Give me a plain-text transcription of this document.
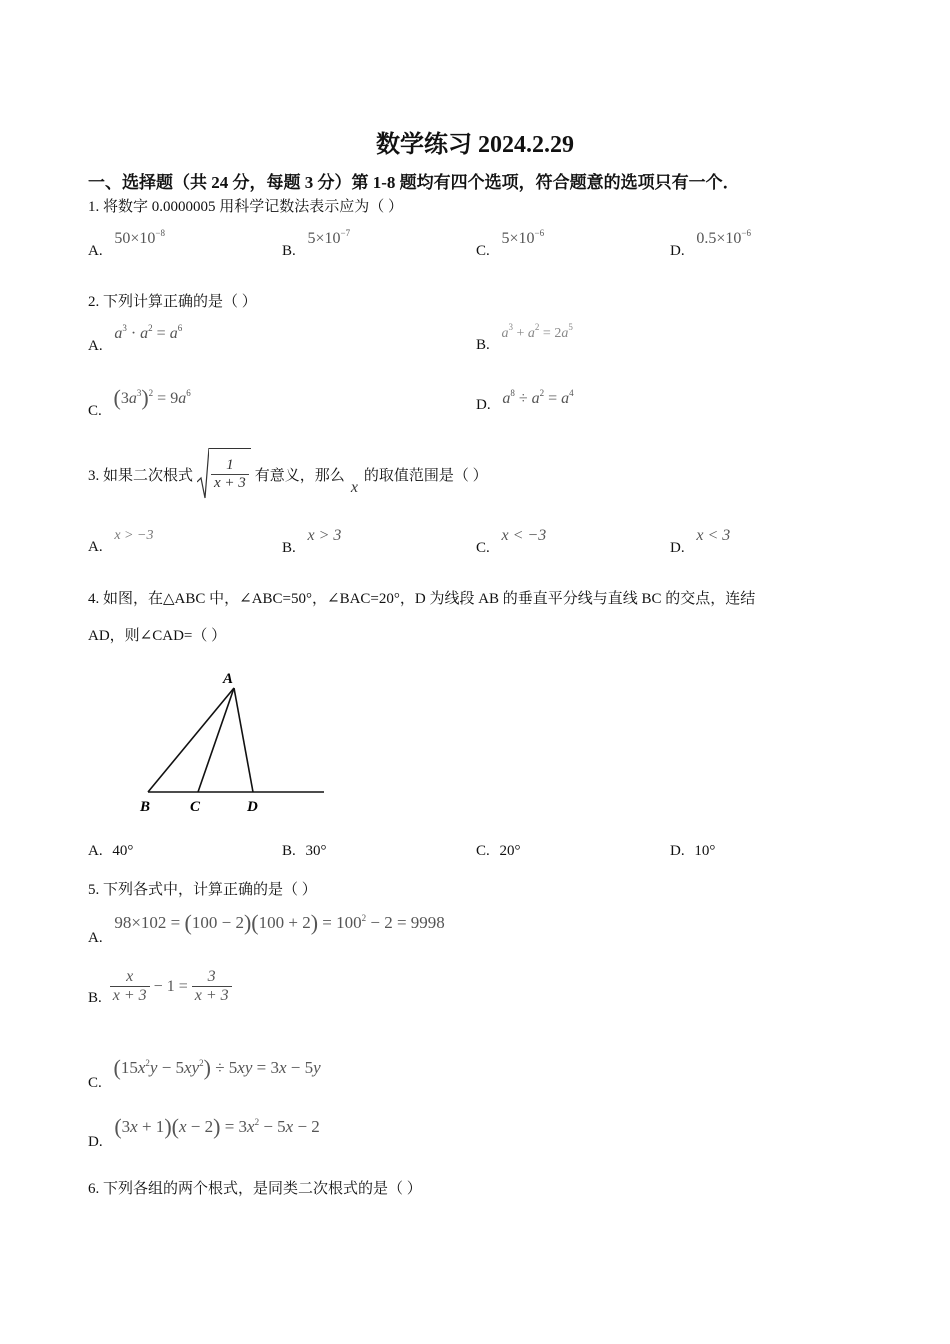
数学练习 2024.2.29
一、选择题（共 24 分，每题 3 分）第 1-8 题均有四个选项，符合题意的选项只有一个．
1. 将数字 0.0000005 用科学记数法表示应为（ ）
A. $50\times 10^{-8}$
B. $5\times 10^{-7}$
C. $5\times 10^{-6}$
D. $0.5\times 10^{-6}$
2. 下列计算正确的是（ ）
A. $a^3 \cdot a^2 = a^6$
B. $a^3 + a^2 = 2a^5$
C. $(3a^3)^2 = 9a^6$
D. $a^8 \div a^2 = a^4$
3. 如果二次根式 $\frac{1}{x + 3}$ 有意义，那么
x
的取值范围是（ ）
A. x > −3
B. x > 3
C. x < −3
D. x < 3
4. 如图，在△ABC 中，∠ABC=50°，∠BAC=20°，D 为线段 AB 的垂直平分线与直线 BC 的交点，连结
AD，则∠CAD=（ ）
A
B	C	D
A. 40°	B. 30°	C. 20°	D. 10°
5. 下列各式中，计算正确的是（ ）
A. $98\times 102 = (100 - 2)(100 + 2) = 100^2 - 2 = 9998$
B. $\frac{x}{x + 3} - 1 = \frac{3}{x + 3}$
C. $(15x^2y - 5xy^2) \div 5xy = 3x - 5y$
D. $(3x + 1)(x - 2) = 3x^2 - 5x - 2$
6. 下列各组的两个根式，是同类二次根式的是（ ）
